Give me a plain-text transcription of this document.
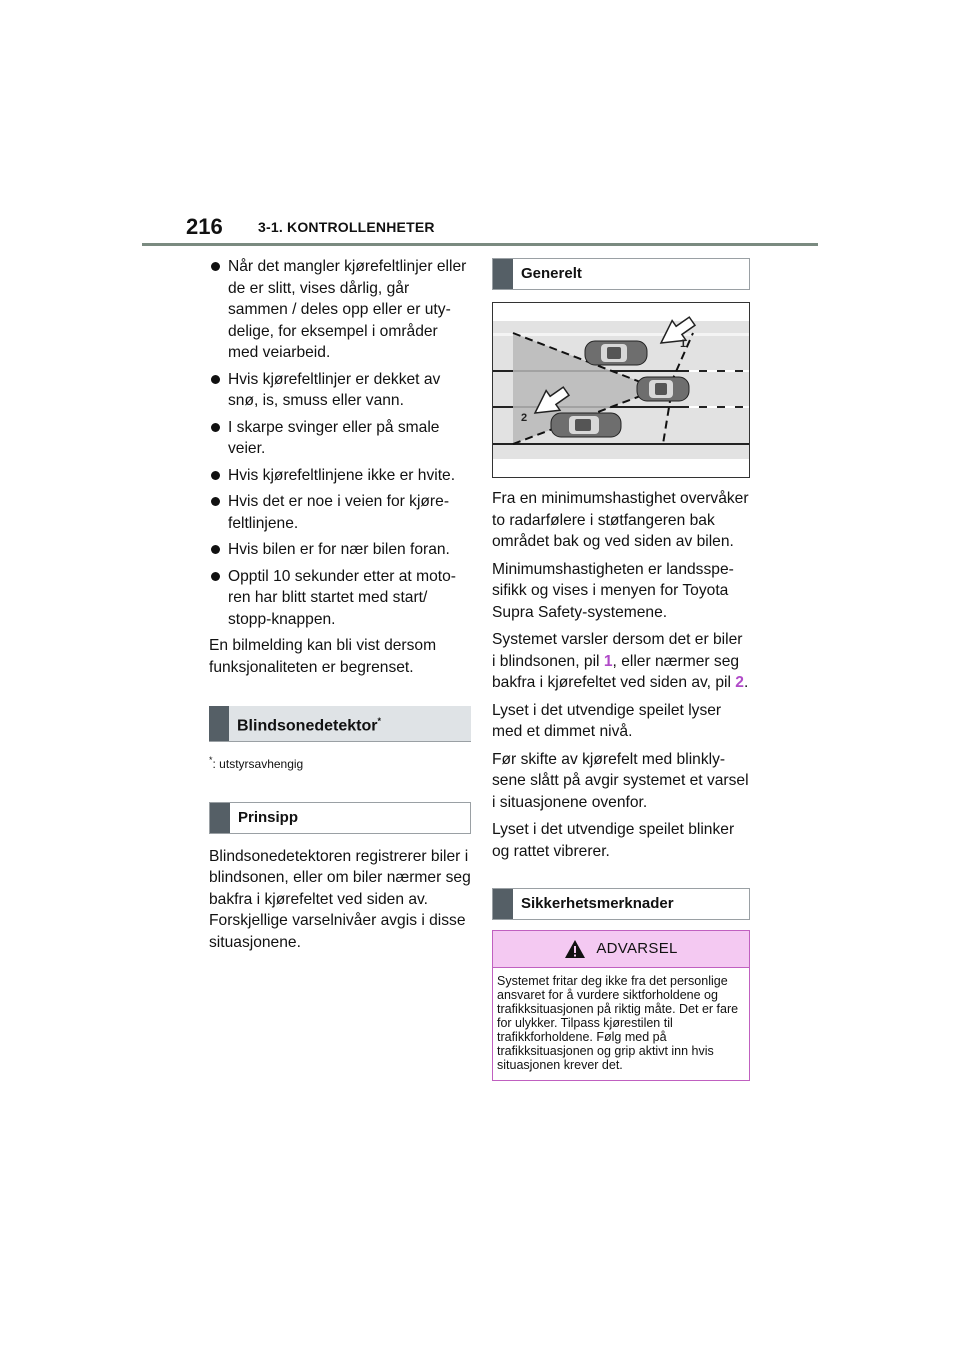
216	3-1. KONTROLLENHETER
Når det mangler kjørefeltlinjer eller de er slitt, vises dårlig, går sammen / deles opp eller er utydelige, for eksempel i områder med veiarbeid.
Hvis kjørefeltlinjer er dekket av snø, is, smuss eller vann.
I skarpe svinger eller på smale veier.
Hvis kjørefeltlinjene ikke er hvite.
Hvis det er noe i veien for kjørefeltlinjene.
Hvis bilen er for nær bilen foran.
Opptil 10 sekunder etter at motoren har blitt startet med start/ stopp-knappen.

En bilmelding kan bli vist dersom funksjonaliteten er begrenset.

Blindsonedetektor*
*: utstyrsavhengig
Prinsipp

Blindsonedetektoren registrerer biler i blindsonen, eller om biler nærmer seg bakfra i kjørefeltet ved siden av. Forskjellige varselnivåer avgis i disse situasjonene.

Generelt
1
2

Fra en minimumshastighet overvåker to radarfølere i støtfangeren bak området bak og ved siden av bilen.

Minimumshastigheten er landsspesifikk og vises i menyen for Toyota Supra Safety-systemene.

Systemet varsler dersom det er biler i blindsonen, pil 1, eller nærmer seg bakfra i kjørefeltet ved siden av, pil 2.

Lyset i det utvendige speilet lyser med et dimmet nivå.

Før skifte av kjørefelt med blinklysene slått på avgir systemet et varsel i situasjonene ovenfor.

Lyset i det utvendige speilet blinker og rattet vibrerer.

Sikkerhetsmerknader
ADVARSEL
Systemet fritar deg ikke fra det personlige ansvaret for å vurdere siktforholdene og trafikksituasjonen på riktig måte. Det er fare for ulykker. Tilpass kjørestilen til trafikkforholdene. Følg med på trafikksituasjonen og grip aktivt inn hvis situasjonen krever det.
